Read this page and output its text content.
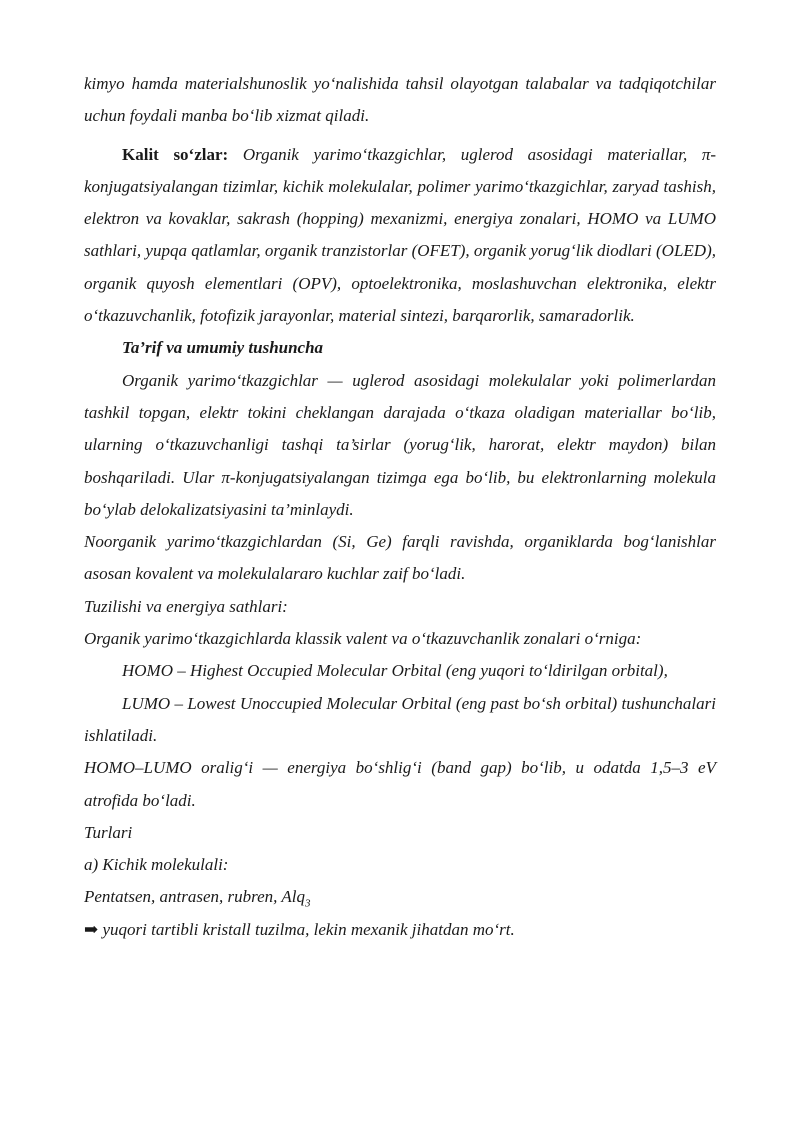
kimyo hamda materialshunoslik yo‘nalishida tahsil olayotgan talabalar va tadqiqotchilar uchun foydali manba bo‘lib xizmat qiladi.

Kalit so‘zlar: Organik yarimo‘tkazgichlar, uglerod asosidagi materiallar, π-konjugatsiyalangan tizimlar, kichik molekulalar, polimer yarimo‘tkazgichlar, zaryad tashish, elektron va kovaklar, sakrash (hopping) mexanizmi, energiya zonalari, HOMO va LUMO sathlari, yupqa qatlamlar, organik tranzistorlar (OFET), organik yorug‘lik diodlari (OLED), organik quyosh elementlari (OPV), optoelektronika, moslashuvchan elektronika, elektr o‘tkazuvchanlik, fotofizik jarayonlar, material sintezi, barqarorlik, samaradorlik.

Ta’rif va umumiy tushuncha

Organik yarimo‘tkazgichlar — uglerod asosidagi molekulalar yoki polimerlardan tashkil topgan, elektr tokini cheklangan darajada o‘tkaza oladigan materiallar bo‘lib, ularning o‘tkazuvchanligi tashqi ta’sirlar (yorug‘lik, harorat, elektr maydon) bilan boshqariladi. Ular π-konjugatsiyalangan tizimga ega bo‘lib, bu elektronlarning molekula bo‘ylab delokalizatsiyasini ta’minlaydi.

Noorganik yarimo‘tkazgichlardan (Si, Ge) farqli ravishda, organiklarda bog‘lanishlar asosan kovalent va molekulalararo kuchlar zaif bo‘ladi.

Tuzilishi va energiya sathlari:

Organik yarimo‘tkazgichlarda klassik valent va o‘tkazuvchanlik zonalari o‘rniga:

HOMO – Highest Occupied Molecular Orbital (eng yuqori to‘ldirilgan orbital),

LUMO – Lowest Unoccupied Molecular Orbital (eng past bo‘sh orbital) tushunchalari ishlatiladi.

HOMO–LUMO oralig‘i — energiya bo‘shlig‘i (band gap) bo‘lib, u odatda 1,5–3 eV atrofida bo‘ladi.

Turlari

a) Kichik molekulali:

Pentatsen, antrasen, rubren, Alq$_3$

➡ yuqori tartibli kristall tuzilma, lekin mexanik jihatdan mo‘rt.
